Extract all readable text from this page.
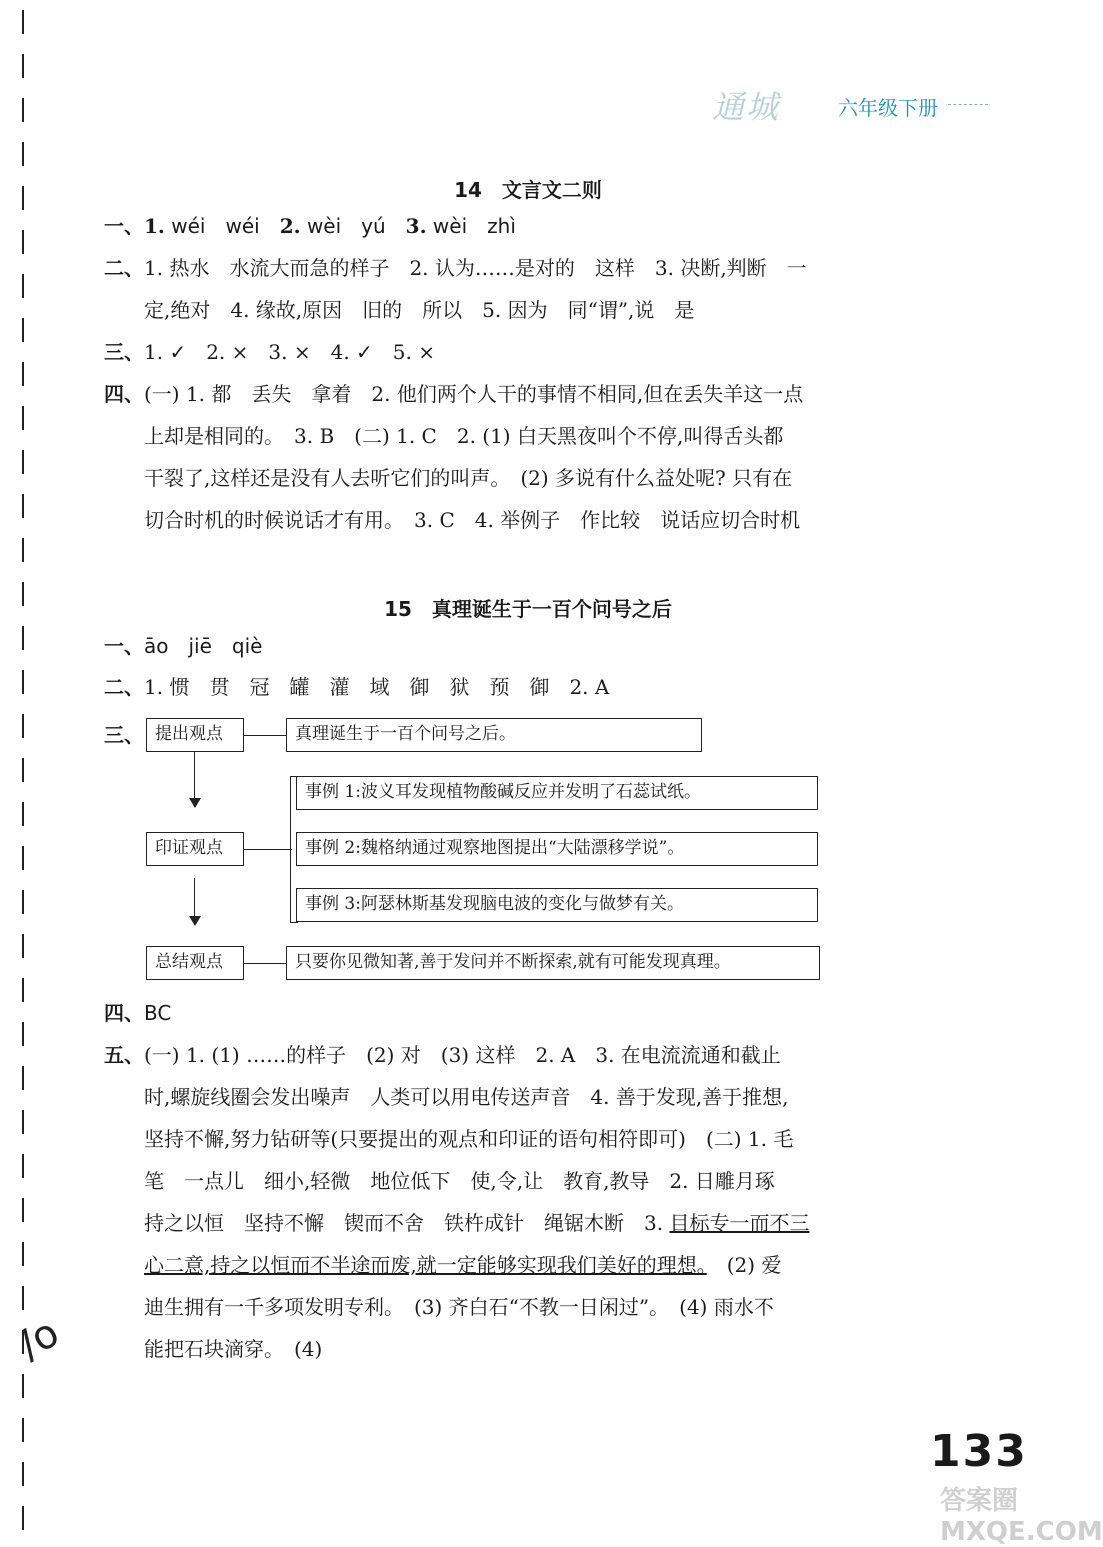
通城	六年级下册
14　文言文二则
一、1. wéi　wéi　2. wèi　yú　3. wèi　zhì
二、1. 热水　水流大而急的样子　2. 认为……是对的　这样　3. 决断,判断　一
定,绝对　4. 缘故,原因　旧的　所以　5. 因为　同“谓”,说　是
三、1. ✓　2. ×　3. ×　4. ✓　5. ×
四、(一) 1. 都　丢失　拿着　2. 他们两个人干的事情不相同,但在丢失羊这一点
上却是相同的。　3. B　(二) 1. C　2. (1) 白天黑夜叫个不停,叫得舌头都
干裂了,这样还是没有人去听它们的叫声。　(2) 多说有什么益处呢? 只有在
切合时机的时候说话才有用。　3. C　4. 举例子　作比较　说话应切合时机
15　真理诞生于一百个问号之后
一、āo　jiē　qiè
二、1. 惯　贯　冠　罐　灌　域　御　狱　预　御　2. A
三、 提出观点	真理诞生于一百个问号之后。
印证观点
事例 1:波义耳发现植物酸碱反应并发明了石蕊试纸。
事例 2:魏格纳通过观察地图提出“大陆漂移学说”。
事例 3:阿瑟林斯基发现脑电波的变化与做梦有关。
总结观点	只要你见微知著,善于发问并不断探索,就有可能发现真理。
四、BC
五、(一) 1. (1) ……的样子　(2) 对　(3) 这样　2. A　3. 在电流流通和截止
时,螺旋线圈会发出噪声　人类可以用电传送声音　4. 善于发现,善于推想,
坚持不懈,努力钻研等(只要提出的观点和印证的语句相符即可)　(二) 1. 毛
笔　一点儿　细小,轻微　地位低下　使,令,让　教育,教导　2. 日雕月琢
持之以恒　坚持不懈　锲而不舍　铁杵成针　绳锯木断　3. 目标专一而不三
心二意,持之以恒而不半途而废,就一定能够实现我们美好的理想。　(2) 爱
迪生拥有一千多项发明专利。　(3) 齐白石“不教一日闲过”。　(4) 雨水不
能把石块滴穿。　(4)
/o
133
答案圈 MXQE.COM
